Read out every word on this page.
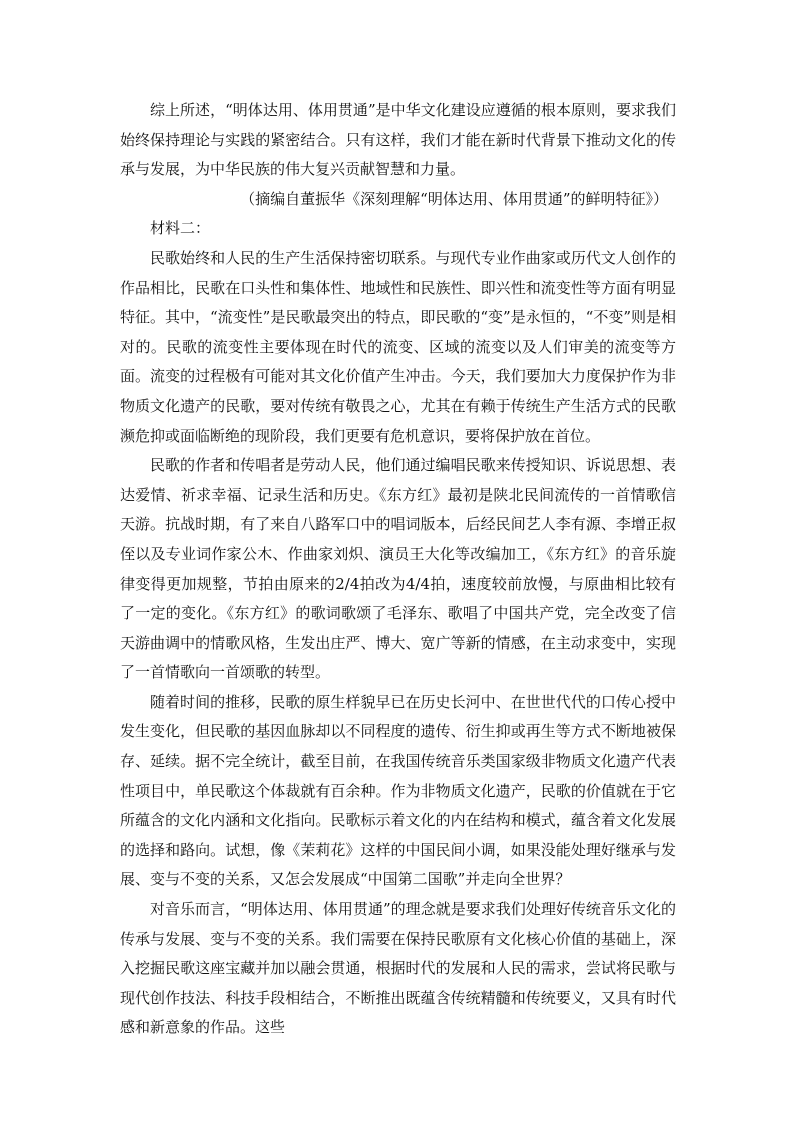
综上所述，“明体达用、体用贯通”是中华文化建设应遵循的根本原则，要求我们始终保持理论与实践的紧密结合。只有这样，我们才能在新时代背景下推动文化的传承与发展，为中华民族的伟大复兴贡献智慧和力量。

（摘编自董振华《深刻理解“明体达用、体用贯通”的鲜明特征》）

材料二：

民歌始终和人民的生产生活保持密切联系。与现代专业作曲家或历代文人创作的作品相比，民歌在口头性和集体性、地域性和民族性、即兴性和流变性等方面有明显特征。其中，“流变性”是民歌最突出的特点，即民歌的“变”是永恒的，“不变”则是相对的。民歌的流变性主要体现在时代的流变、区域的流变以及人们审美的流变等方面。流变的过程极有可能对其文化价值产生冲击。今天，我们要加大力度保护作为非物质文化遗产的民歌，要对传统有敬畏之心，尤其在有赖于传统生产生活方式的民歌濒危抑或面临断绝的现阶段，我们更要有危机意识，要将保护放在首位。

民歌的作者和传唱者是劳动人民，他们通过编唱民歌来传授知识、诉说思想、表达爱情、祈求幸福、记录生活和历史。《东方红》最初是陕北民间流传的一首情歌信天游。抗战时期，有了来自八路军口中的唱词版本，后经民间艺人李有源、李增正叔侄以及专业词作家公木、作曲家刘炽、演员王大化等改编加工，《东方红》的音乐旋律变得更加规整，节拍由原来的2/4拍改为4/4拍，速度较前放慢，与原曲相比较有了一定的变化。《东方红》的歌词歌颂了毛泽东、歌唱了中国共产党，完全改变了信天游曲调中的情歌风格，生发出庄严、博大、宽广等新的情感，在主动求变中，实现了一首情歌向一首颂歌的转型。

随着时间的推移，民歌的原生样貌早已在历史长河中、在世世代代的口传心授中发生变化，但民歌的基因血脉却以不同程度的遗传、衍生抑或再生等方式不断地被保存、延续。据不完全统计，截至目前，在我国传统音乐类国家级非物质文化遗产代表性项目中，单民歌这个体裁就有百余种。作为非物质文化遗产，民歌的价值就在于它所蕴含的文化内涵和文化指向。民歌标示着文化的内在结构和模式，蕴含着文化发展的选择和路向。试想，像《茉莉花》这样的中国民间小调，如果没能处理好继承与发展、变与不变的关系，又怎会发展成“中国第二国歌”并走向全世界？

对音乐而言，“明体达用、体用贯通”的理念就是要求我们处理好传统音乐文化的传承与发展、变与不变的关系。我们需要在保持民歌原有文化核心价值的基础上，深入挖掘民歌这座宝藏并加以融会贯通，根据时代的发展和人民的需求，尝试将民歌与现代创作技法、科技手段相结合，不断推出既蕴含传统精髓和传统要义，又具有时代感和新意象的作品。这些
